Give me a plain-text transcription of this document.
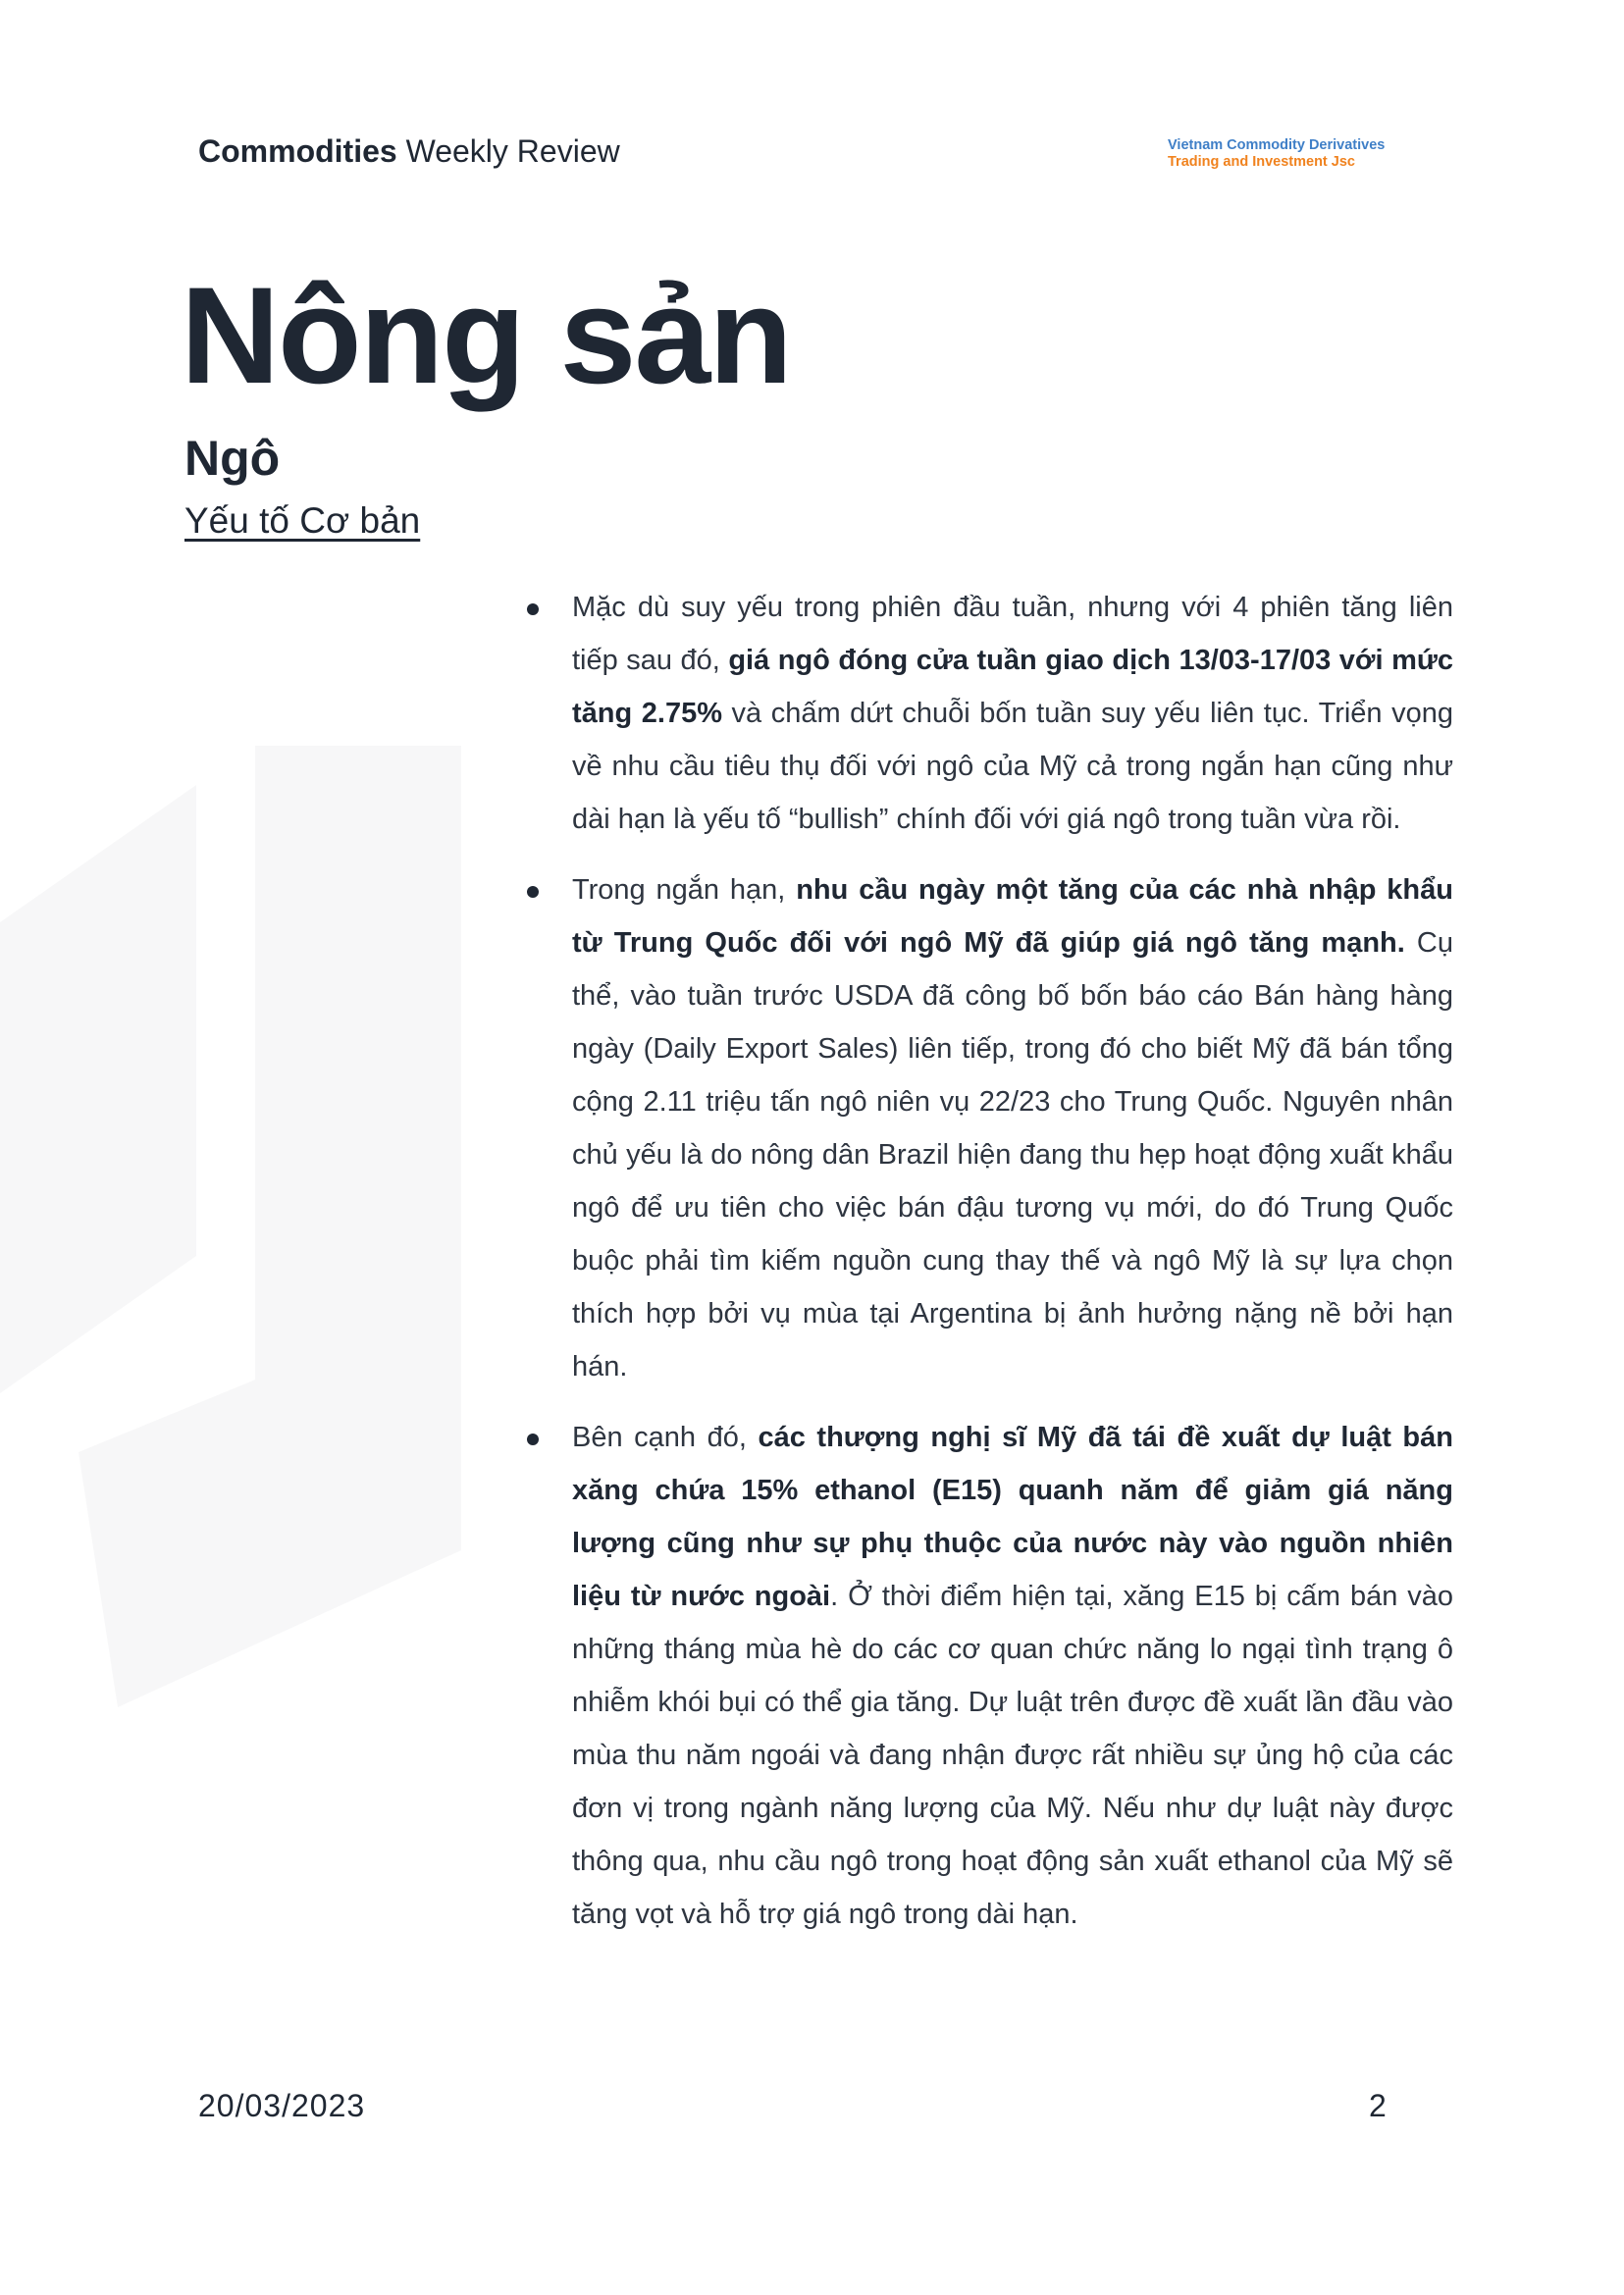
Commodities Weekly Review	Vietnam Commodity Derivatives
Trading and Investment Jsc
Nông sản
Ngô
Yếu tố Cơ bản
Mặc dù suy yếu trong phiên đầu tuần, nhưng với 4 phiên tăng liên tiếp sau đó, giá ngô đóng cửa tuần giao dịch 13/03-17/03 với mức tăng 2.75% và chấm dứt chuỗi bốn tuần suy yếu liên tục. Triển vọng về nhu cầu tiêu thụ đối với ngô của Mỹ cả trong ngắn hạn cũng như dài hạn là yếu tố “bullish” chính đối với giá ngô trong tuần vừa rồi.
Trong ngắn hạn, nhu cầu ngày một tăng của các nhà nhập khẩu từ Trung Quốc đối với ngô Mỹ đã giúp giá ngô tăng mạnh. Cụ thể, vào tuần trước USDA đã công bố bốn báo cáo Bán hàng hàng ngày (Daily Export Sales) liên tiếp, trong đó cho biết Mỹ đã bán tổng cộng 2.11 triệu tấn ngô niên vụ 22/23 cho Trung Quốc. Nguyên nhân chủ yếu là do nông dân Brazil hiện đang thu hẹp hoạt động xuất khẩu ngô để ưu tiên cho việc bán đậu tương vụ mới, do đó Trung Quốc buộc phải tìm kiếm nguồn cung thay thế và ngô Mỹ là sự lựa chọn thích hợp bởi vụ mùa tại Argentina bị ảnh hưởng nặng nề bởi hạn hán.
Bên cạnh đó, các thượng nghị sĩ Mỹ đã tái đề xuất dự luật bán xăng chứa 15% ethanol (E15) quanh năm để giảm giá năng lượng cũng như sự phụ thuộc của nước này vào nguồn nhiên liệu từ nước ngoài. Ở thời điểm hiện tại, xăng E15 bị cấm bán vào những tháng mùa hè do các cơ quan chức năng lo ngại tình trạng ô nhiễm khói bụi có thể gia tăng. Dự luật trên được đề xuất lần đầu vào mùa thu năm ngoái và đang nhận được rất nhiều sự ủng hộ của các đơn vị trong ngành năng lượng của Mỹ. Nếu như dự luật này được thông qua, nhu cầu ngô trong hoạt động sản xuất ethanol của Mỹ sẽ tăng vọt và hỗ trợ giá ngô trong dài hạn.
20/03/2023	2
